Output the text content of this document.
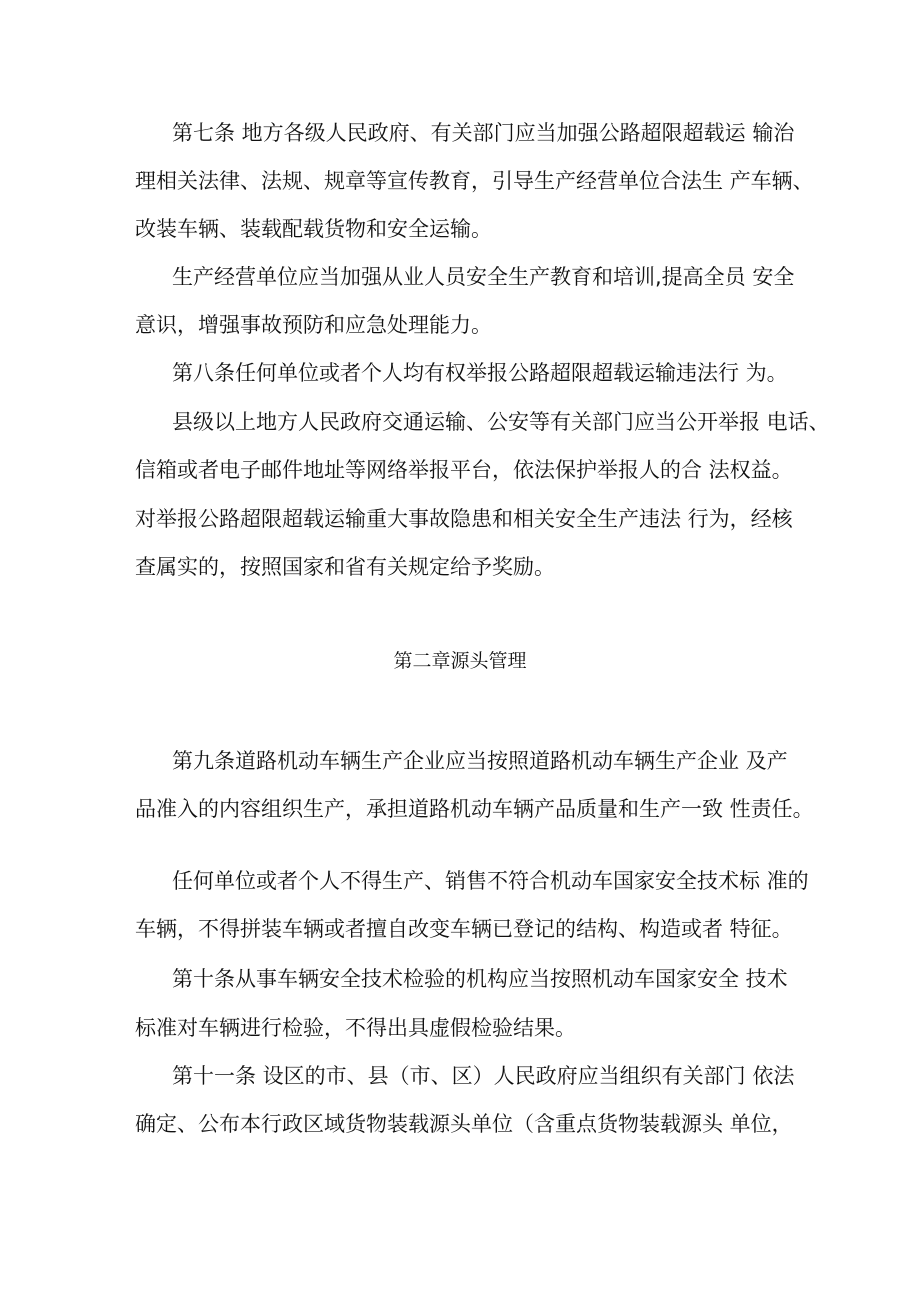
第七条 地方各级人民政府、有关部门应当加强公路超限超载运 输治
理相关法律、法规、规章等宣传教育，引导生产经营单位合法生 产车辆、
改装车辆、装载配载货物和安全运输。
生产经营单位应当加强从业人员安全生产教育和培训,提高全员 安全
意识，增强事故预防和应急处理能力。
第八条任何单位或者个人均有权举报公路超限超载运输违法行 为。
县级以上地方人民政府交通运输、公安等有关部门应当公开举报 电话、
信箱或者电子邮件地址等网络举报平台，依法保护举报人的合 法权益。
对举报公路超限超载运输重大事故隐患和相关安全生产违法 行为，经核
查属实的，按照国家和省有关规定给予奖励。
第二章源头管理
第九条道路机动车辆生产企业应当按照道路机动车辆生产企业 及产
品准入的内容组织生产，承担道路机动车辆产品质量和生产一致 性责任。
任何单位或者个人不得生产、销售不符合机动车国家安全技术标 准的
车辆，不得拼装车辆或者擅自改变车辆已登记的结构、构造或者 特征。
第十条从事车辆安全技术检验的机构应当按照机动车国家安全 技术
标准对车辆进行检验，不得出具虚假检验结果。
第十一条 设区的市、县（市、区）人民政府应当组织有关部门 依法
确定、公布本行政区域货物装载源头单位（含重点货物装载源头 单位，
